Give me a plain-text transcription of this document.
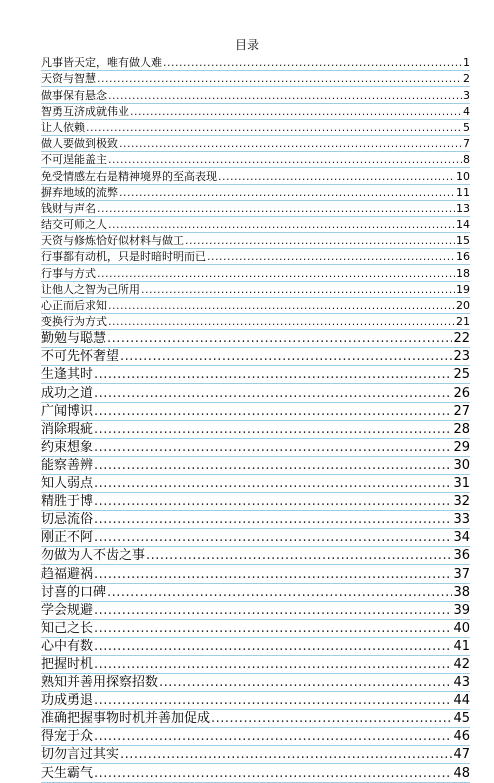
目录
凡事皆天定，唯有做人难 .....	1
天资与智慧 .....	2
做事保有悬念 .....	3
智勇互济成就伟业 .....	4
让人依赖 .....	5
做人要做到极致 .....	7
不可逞能盖主 .....	8
免受情感左右是精神境界的至高表现 .....	10
摒弃地域的流弊 .....	11
钱财与声名 .....	13
结交可师之人 .....	14
天资与修炼恰好似材料与做工 .....	15
行事都有动机，只是时暗时明而已 .....	16
行事与方式 .....	18
让他人之智为己所用 .....	19
心正而后求知 .....	20
变换行为方式 .....	21
勤勉与聪慧 .....	22
不可先怀奢望 .....	23
生逢其时 .....	25
成功之道 .....	26
广闻博识 .....	27
消除瑕疵 .....	28
约束想象 .....	29
能察善辨 .....	30
知人弱点 .....	31
精胜于博 .....	32
切忌流俗 .....	33
刚正不阿 .....	34
勿做为人不齿之事 .....	36
趋福避祸 .....	37
讨喜的口碑 .....	38
学会规避 .....	39
知己之长 .....	40
心中有数 .....	41
把握时机 .....	42
熟知并善用探察招数 .....	43
功成勇退 .....	44
准确把握事物时机并善加促成 .....	45
得宠于众 .....	46
切勿言过其实 .....	47
天生霸气 .....	48
